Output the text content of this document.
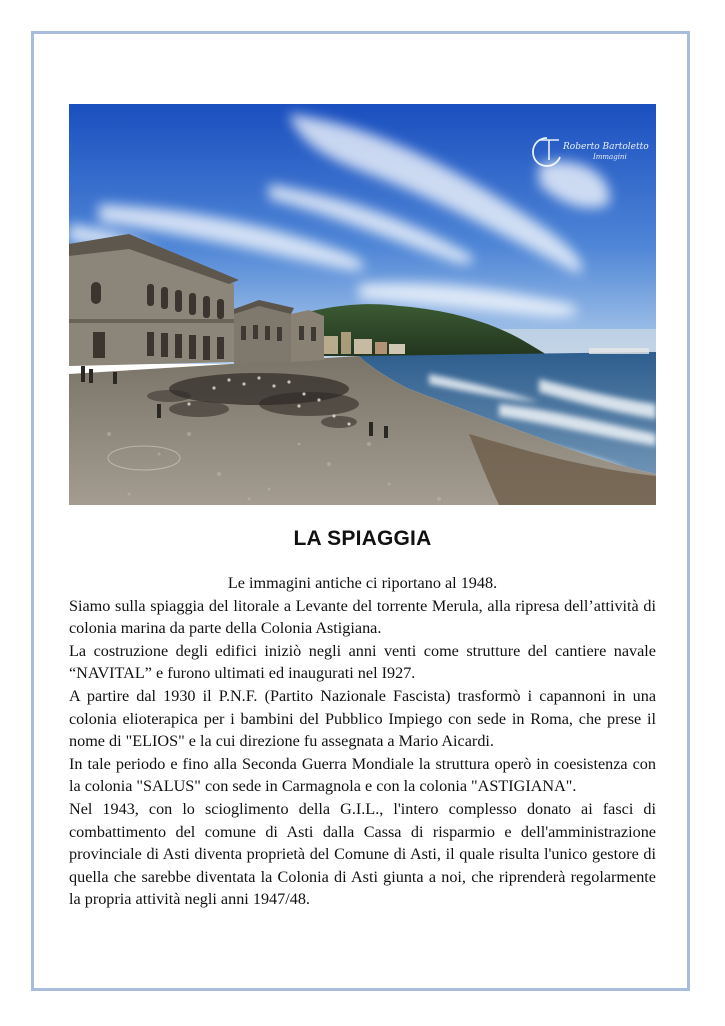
Roberto Bartoletto
Immagini
LA SPIAGGIA

Le immagini antiche ci riportano al 1948.

Siamo sulla spiaggia del litorale a Levante del torrente Merula, alla ripresa dell’attività di colonia marina da parte della Colonia Astigiana.

La costruzione degli edifici iniziò negli anni venti come strutture del cantiere navale “NAVITAL” e furono ultimati ed inaugurati nel I927.

A partire dal 1930 il P.N.F. (Partito Nazionale Fascista) trasformò i capannoni in una colonia elioterapica per i bambini del Pubblico Impiego con sede in Roma, che prese il nome di "ELIOS" e la cui direzione fu assegnata a Mario Aicardi.

In tale periodo e fino alla Seconda Guerra Mondiale la struttura operò in coesistenza con la colonia "SALUS" con sede in Carmagnola e con la colonia "ASTIGIANA".

Nel 1943, con lo scioglimento della G.I.L., l'intero complesso donato ai fasci di combattimento del comune di Asti dalla Cassa di risparmio e dell'amministrazione provinciale di Asti diventa proprietà del Comune di Asti, il quale risulta l'unico gestore di quella che sarebbe diventata la Colonia di Asti giunta a noi, che riprenderà regolarmente la propria attività negli anni 1947/48.
